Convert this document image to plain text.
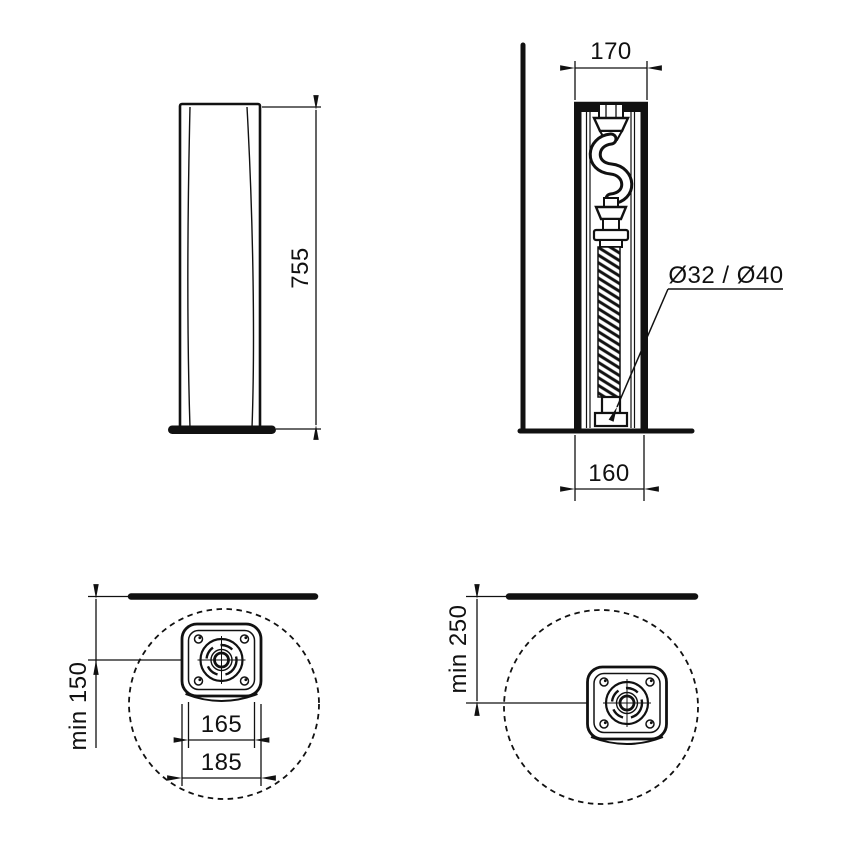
755
170
160
Ø32 / Ø40
min 150	165
185
min 250
